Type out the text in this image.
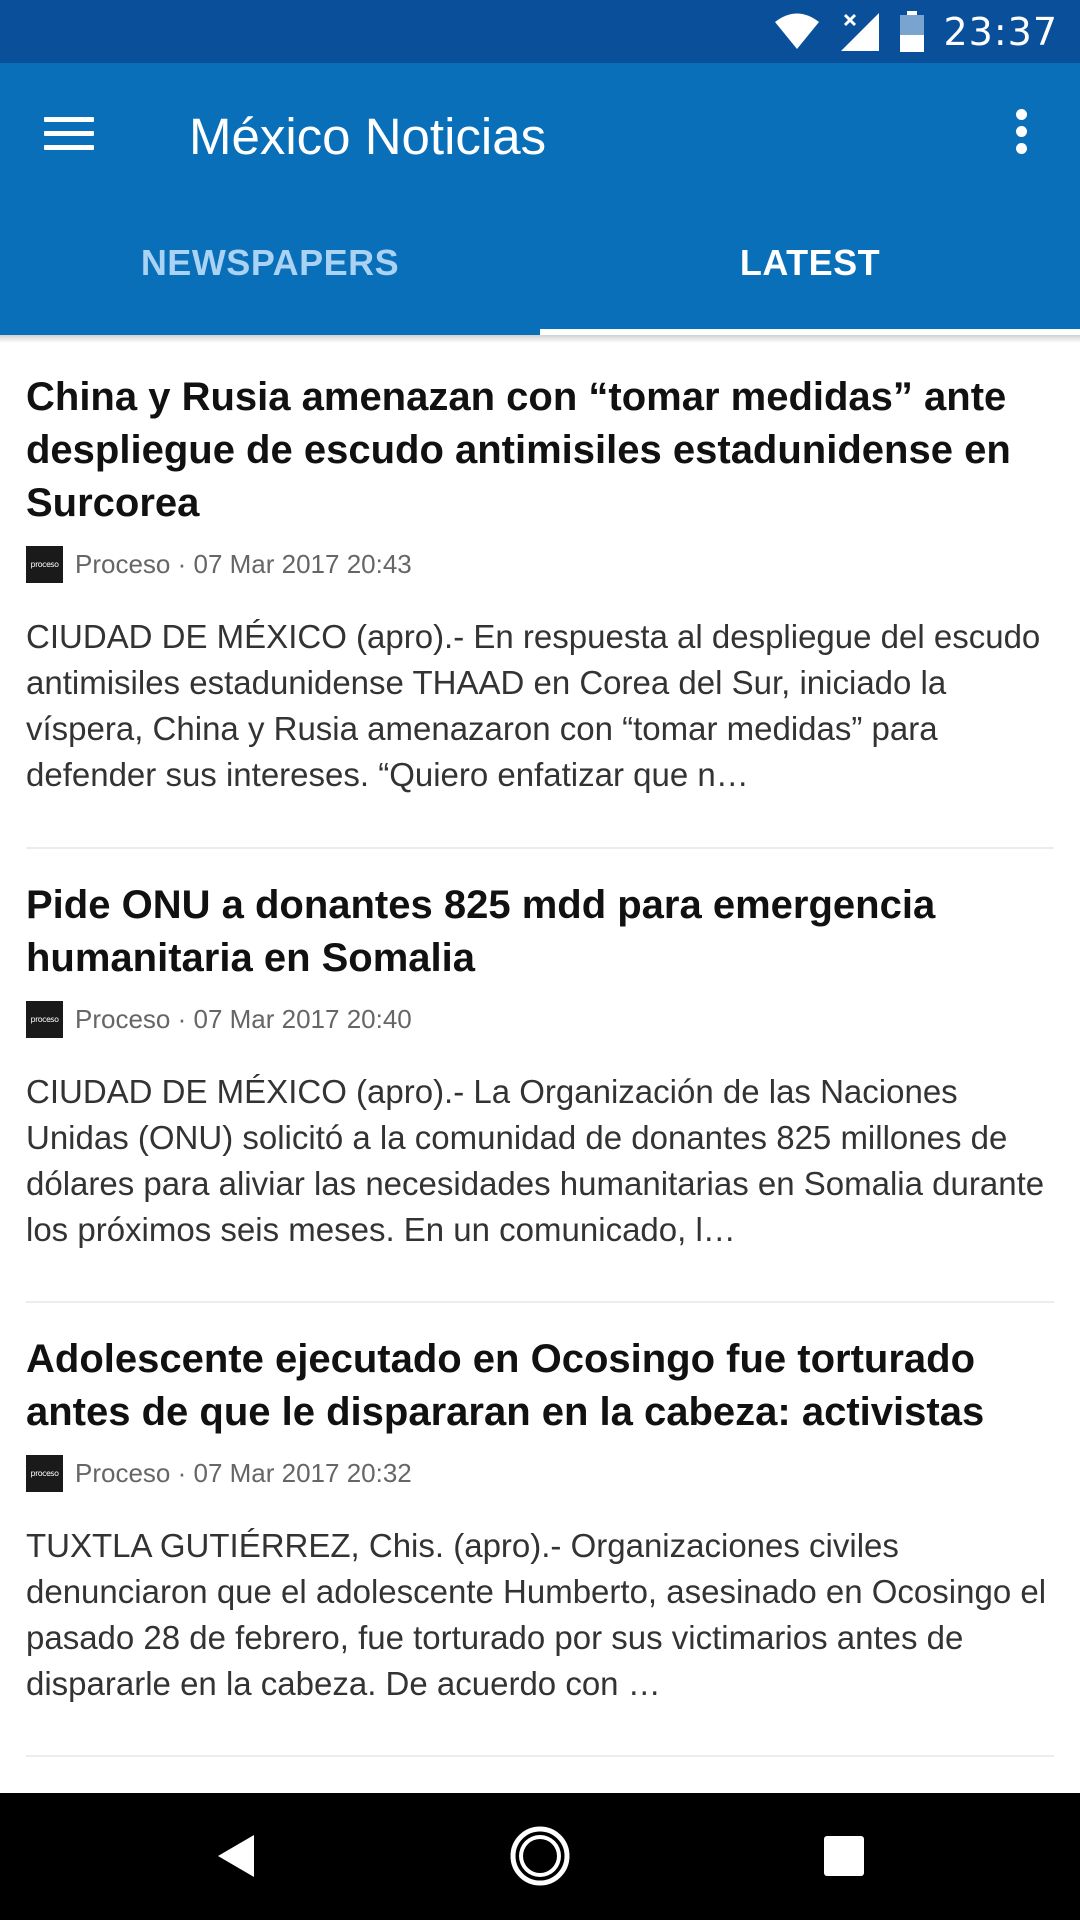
23:37
México Noticias
NEWSPAPERS	LATEST
China y Rusia amenazan con “tomar medidas” ante despliegue de escudo antimisiles estadunidense en Surcorea
proceso Proceso · 07 Mar 2017 20:43
CIUDAD DE MÉXICO (apro).- En respuesta al despliegue del escudo antimisiles estadunidense THAAD en Corea del Sur, iniciado la víspera, China y Rusia amenazaron con “tomar medidas” para defender sus intereses. “Quiero enfatizar que n…
Pide ONU a donantes 825 mdd para emergencia humanitaria en Somalia
proceso Proceso · 07 Mar 2017 20:40
CIUDAD DE MÉXICO (apro).- La Organización de las Naciones Unidas (ONU) solicitó a la comunidad de donantes 825 millones de dólares para aliviar las necesidades humanitarias en Somalia durante los próximos seis meses. En un comunicado, l…
Adolescente ejecutado en Ocosingo fue torturado antes de que le dispararan en la cabeza: activistas
proceso Proceso · 07 Mar 2017 20:32
TUXTLA GUTIÉRREZ, Chis. (apro).- Organizaciones civiles denunciaron que el adolescente Humberto, asesinado en Ocosingo el pasado 28 de febrero, fue torturado por sus victimarios antes de dispararle en la cabeza. De acuerdo con …
